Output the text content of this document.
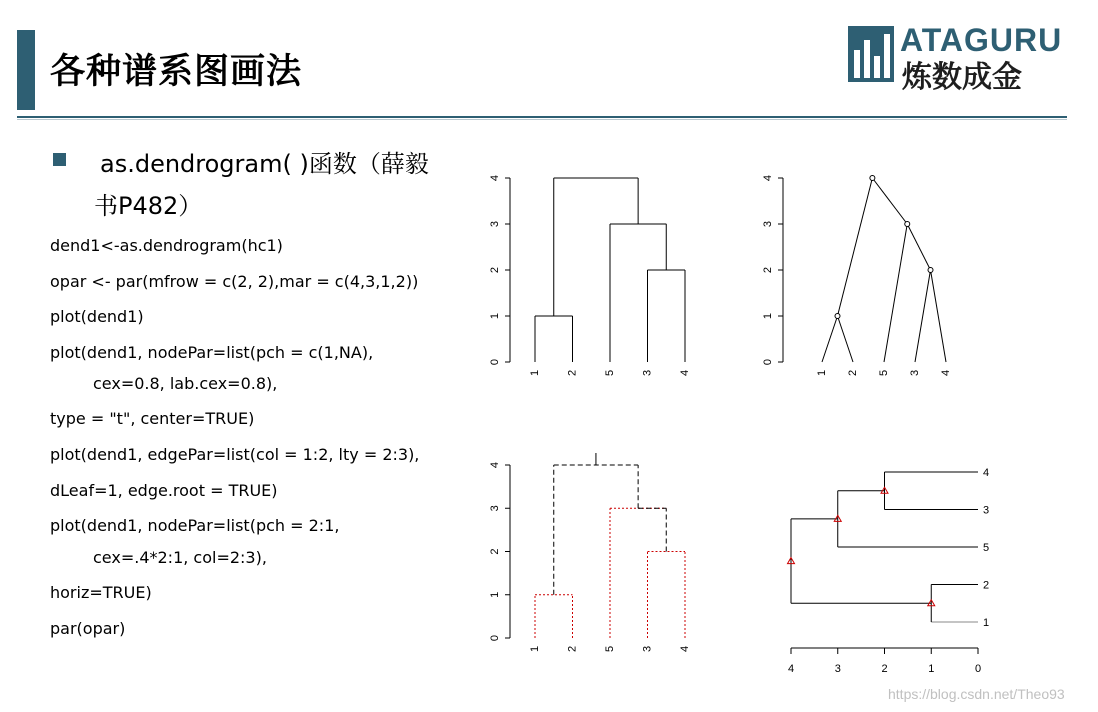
各种谱系图画法
ATAGURU
炼数成金
as.dendrogram( )函数（薛毅
书P482）
dend1<-as.dendrogram(hc1)
opar <- par(mfrow = c(2, 2),mar = c(4,3,1,2))
plot(dend1)
plot(dend1, nodePar=list(pch = c(1,NA),
cex=0.8, lab.cex=0.8),
type = "t", center=TRUE)
plot(dend1, edgePar=list(col = 1:2, lty = 2:3),
dLeaf=1, edge.root = TRUE)
plot(dend1, nodePar=list(pch = 2:1,
cex=.4*2:1, col=2:3),
horiz=TRUE)
par(opar)
0
1
2
3
4
1 2 5 3 4
0
1
2
3
4
1 2 5 3 4
0
1
2
3
4
1 2 5 3 4
4	3	2	1	0
4
3
5
2
1
https://blog.csdn.net/Theo93
